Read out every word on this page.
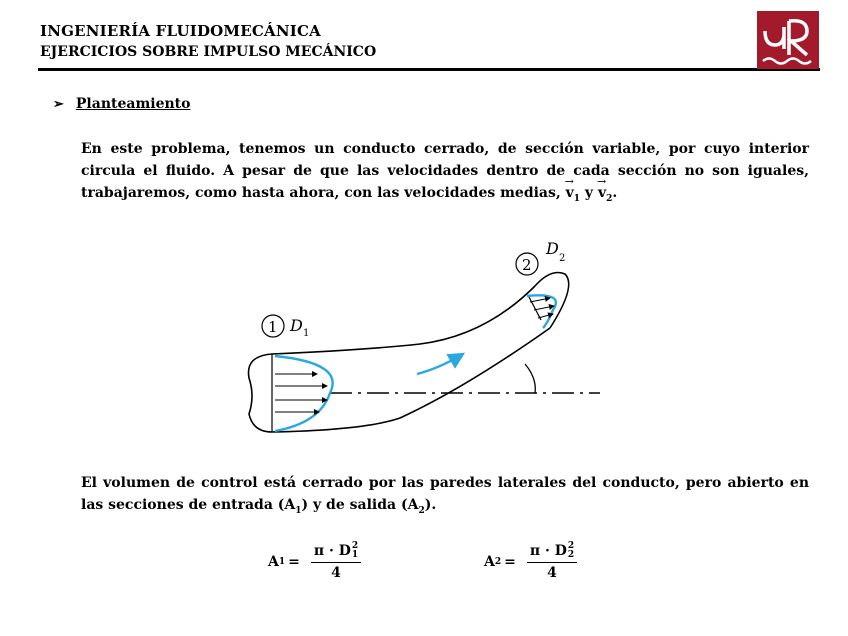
INGENIERÍA FLUIDOMECÁNICA
EJERCICIOS SOBRE IMPULSO MECÁNICO
➢ Planteamiento
En este problema, tenemos un conducto cerrado, de sección variable, por cuyo interior circula el fluido. A pesar de que las velocidades dentro de cada sección no son iguales, trabajaremos, como hasta ahora, con las velocidades medias, → $v_1$ $y \to v_2$.
1 D 1
2
D
2
El volumen de control está cerrado por las paredes laterales del conducto, pero abierto en las secciones de entrada $(A_1)$ y de salida $(A_2)$.
A 1 = π · D 2
1
4	A 2 = π · D 2
2
4
